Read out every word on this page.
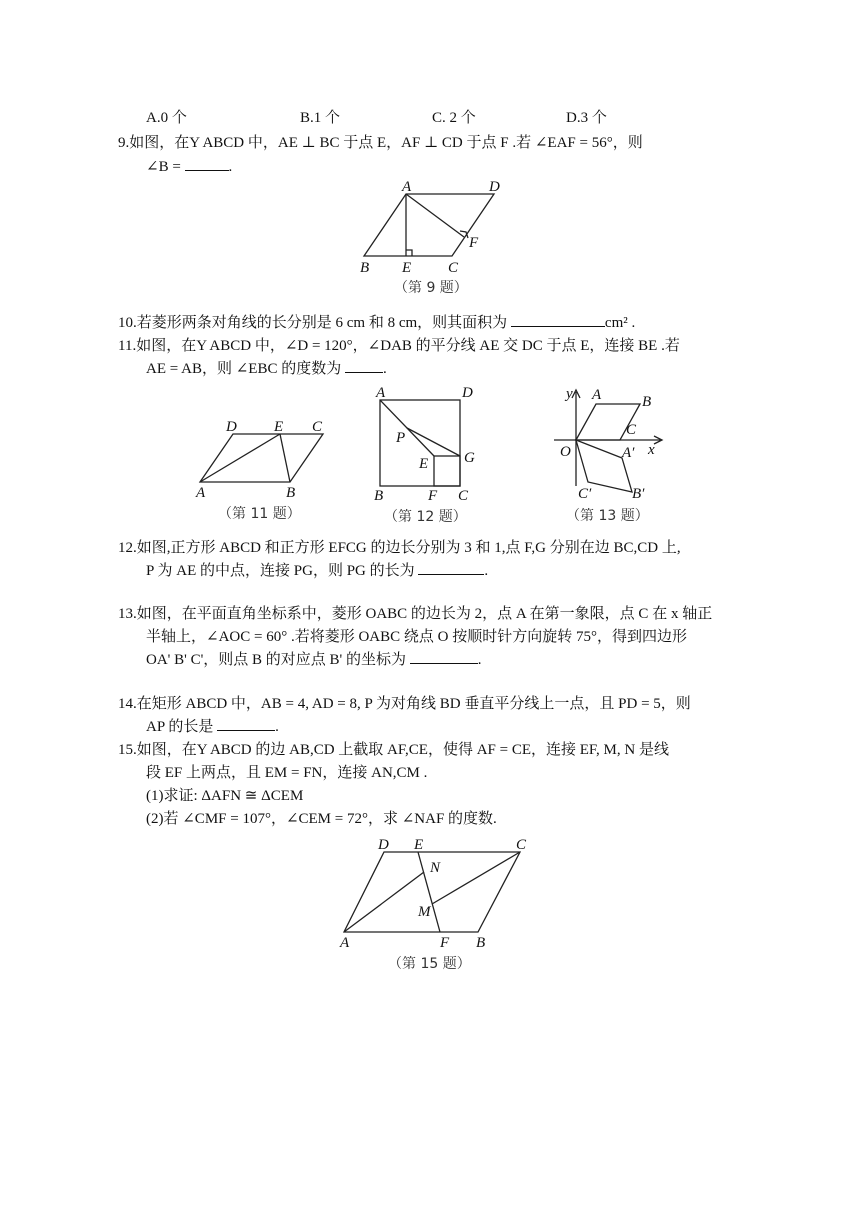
A.0 个	B.1 个	C. 2 个	D.3 个
9.如图，在Y ABCD 中，AE ⊥ BC 于点 E，AF ⊥ CD 于点 F .若 ∠EAF = 56°，则
∠B =	.
A	D
F
B E C
（第 9 题）
10.若菱形两条对角线的长分别是 6 cm 和 8 cm，则其面积为	cm² .
11.如图，在Y ABCD 中，∠D = 120°，∠DAB 的平分线 AE 交 DC 于点 E，连接 BE .若
AE = AB，则 ∠EBC 的度数为	.
D E C
A	B
（第 11 题）
A	D
P
E G
B	F C
（第 12 题）
y A	B
C
O	x
A′
C′	B′
（第 13 题）
12.如图,正方形 ABCD 和正方形 EFCG 的边长分别为 3 和 1,点 F,G 分别在边 BC,CD 上,
P 为 AE 的中点，连接 PG，则 PG 的长为	.
13.如图，在平面直角坐标系中，菱形 OABC 的边长为 2，点 A 在第一象限，点 C 在 x 轴正
半轴上，∠AOC = 60° .若将菱形 OABC 绕点 O 按顺时针方向旋转 75°，得到四边形
OA' B' C'，则点 B 的对应点 B' 的坐标为	.
14.在矩形 ABCD 中，AB = 4, AD = 8, P 为对角线 BD 垂直平分线上一点，且 PD = 5，则
AP 的长是	.
15.如图，在Y ABCD 的边 AB,CD 上截取 AF,CE，使得 AF = CE，连接 EF, M, N 是线
段 EF 上两点，且 EM = FN，连接 AN,CM .
(1)求证: ΔAFN ≅ ΔCEM
(2)若 ∠CMF = 107°，∠CEM = 72°，求 ∠NAF 的度数.
D E	C
N
M
A	F B
（第 15 题）
